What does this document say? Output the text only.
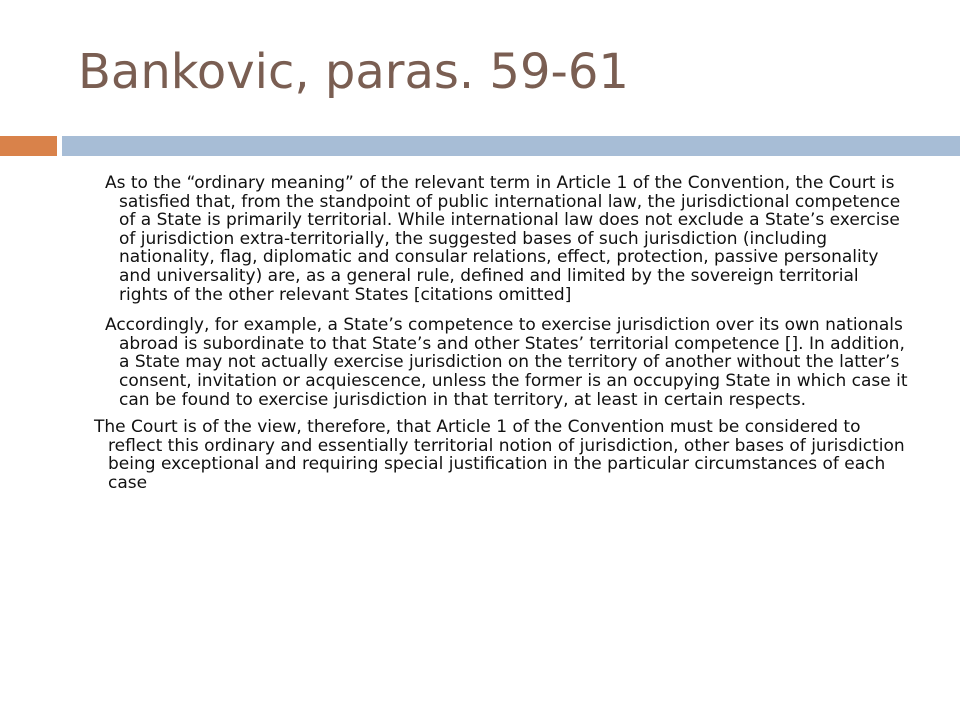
Bankovic, paras. 59-61

As to the “ordinary meaning” of the relevant term in Article 1 of the Convention, the Court is satisfied that, from the standpoint of public international law, the jurisdictional competence of a State is primarily territorial. While international law does not exclude a State’s exercise of jurisdiction extra-territorially, the suggested bases of such jurisdiction (including nationality, flag, diplomatic and consular relations, effect, protection, passive personality and universality) are, as a general rule, defined and limited by the sovereign territorial rights of the other relevant States [citations omitted]

Accordingly, for example, a State’s competence to exercise jurisdiction over its own nationals abroad is subordinate to that State’s and other States’ territorial competence []. In addition, a State may not actually exercise jurisdiction on the territory of another without the latter’s consent, invitation or acquiescence, unless the former is an occupying State in which case it can be found to exercise jurisdiction in that territory, at least in certain respects.

The Court is of the view, therefore, that Article 1 of the Convention must be considered to reflect this ordinary and essentially territorial notion of jurisdiction, other bases of jurisdiction being exceptional and requiring special justification in the particular circumstances of each case
